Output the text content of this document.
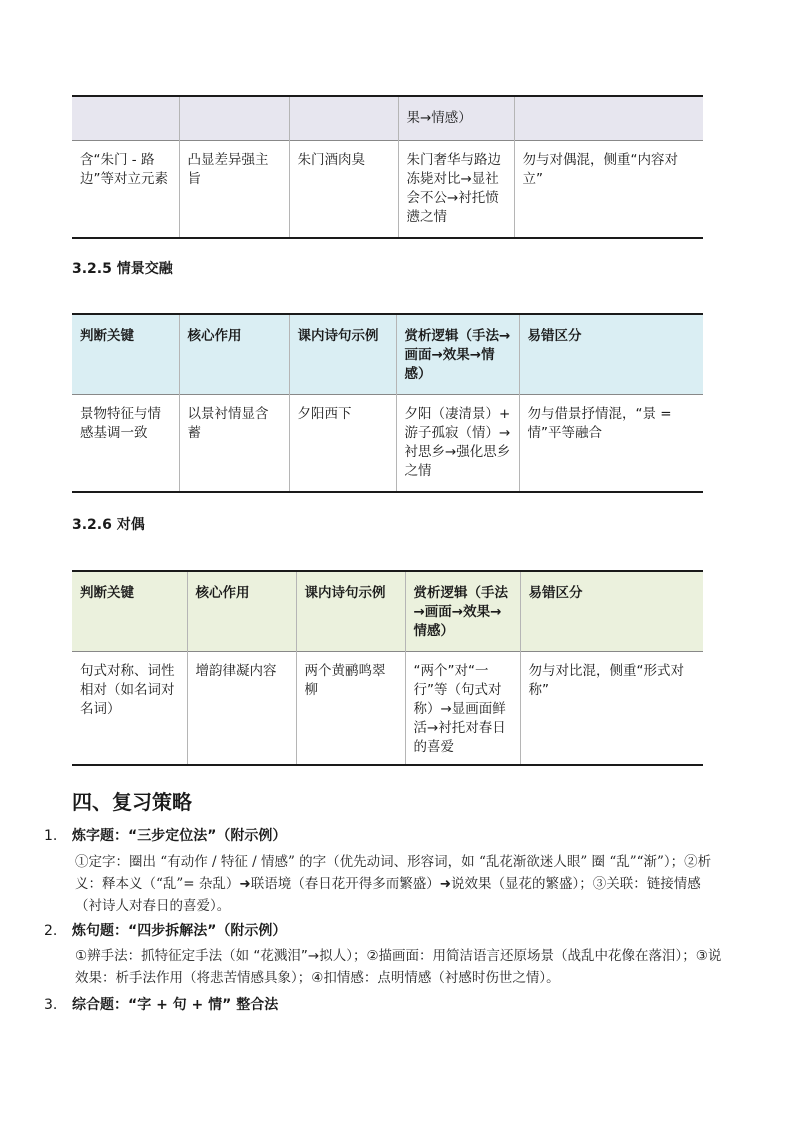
			果→情感）	
含“朱门 - 路边”等对立元素	凸显差异强主旨	朱门酒肉臭	朱门奢华与路边冻毙对比→显社会不公→衬托愤懑之情	勿与对偶混，侧重“内容对立”
3.2.5 情景交融
判断关键	核心作用	课内诗句示例	赏析逻辑（手法→画面→效果→情感）	易错区分
景物特征与情感基调一致	以景衬情显含蓄	夕阳西下	夕阳（凄清景）+ 游子孤寂（情）→衬思乡→强化思乡之情	勿与借景抒情混，“景 = 情”平等融合
3.2.6 对偶
判断关键	核心作用	课内诗句示例	赏析逻辑（手法→画面→效果→情感）	易错区分
句式对称、词性相对（如名词对名词）	增韵律凝内容	两个黄鹂鸣翠柳	“两个”对“一行”等（句式对称）→显画面鲜活→衬托对春日的喜爱	勿与对比混，侧重“形式对称”
四、复习策略
1. 炼字题：“三步定位法”（附示例）
①定字：圈出 “有动作 / 特征 / 情感” 的字（优先动词、形容词，如 “乱花渐欲迷人眼” 圈 “乱”“渐”）；②析义：释本义（“乱”= 杂乱）➜联语境（春日花开得多而繁盛）➜说效果（显花的繁盛）；③关联：链接情感（衬诗人对春日的喜爱）。
2. 炼句题：“四步拆解法”（附示例）
①辨手法：抓特征定手法（如 “花溅泪”→拟人）；②描画面：用简洁语言还原场景（战乱中花像在落泪）；③说效果：析手法作用（将悲苦情感具象）；④扣情感：点明情感（衬感时伤世之情）。
3. 综合题：“字 + 句 + 情” 整合法
